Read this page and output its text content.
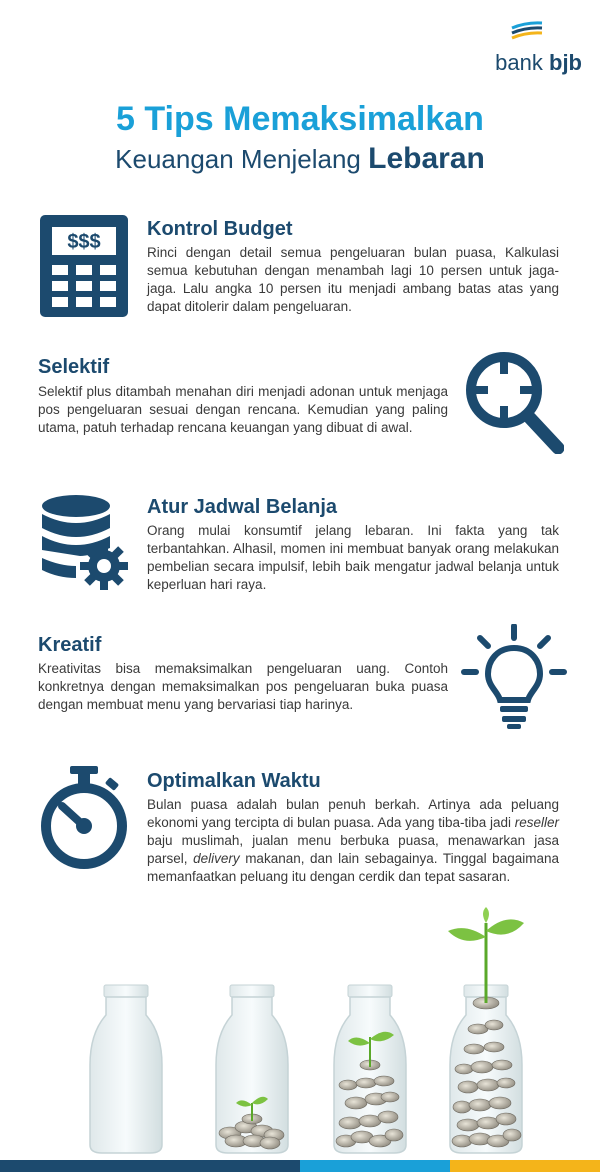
bank bjb
5 Tips Memaksimalkan
Keuangan Menjelang Lebaran
$$$
Kontrol Budget
Rinci dengan detail semua pengeluaran bulan puasa, Kalkulasi semua kebutuhan dengan menambah lagi 10 persen untuk jaga-jaga. Lalu angka 10 persen itu menjadi ambang batas atas yang dapat ditolerir dalam pengeluaran.
Selektif
Selektif plus ditambah menahan diri menjadi adonan untuk menjaga pos pengeluaran sesuai dengan rencana. Kemudian yang paling utama, patuh terhadap rencana keuangan yang dibuat di awal.
Atur Jadwal Belanja
Orang mulai konsumtif jelang lebaran. Ini fakta yang tak terbantahkan. Alhasil, momen ini membuat banyak orang melakukan pembelian secara impulsif, lebih baik mengatur jadwal belanja untuk keperluan hari raya.
Kreatif
Kreativitas bisa memaksimalkan pengeluaran uang. Contoh konkretnya dengan memaksimalkan pos pengeluaran buka puasa dengan membuat menu yang bervariasi tiap harinya.
Optimalkan Waktu
Bulan puasa adalah bulan penuh berkah. Artinya ada peluang ekonomi yang tercipta di bulan puasa. Ada yang tiba-tiba jadi reseller baju muslimah, jualan menu berbuka puasa, menawarkan jasa parsel, delivery makanan, dan lain sebagainya. Tinggal bagaimana memanfaatkan peluang itu dengan cerdik dan tepat sasaran.
